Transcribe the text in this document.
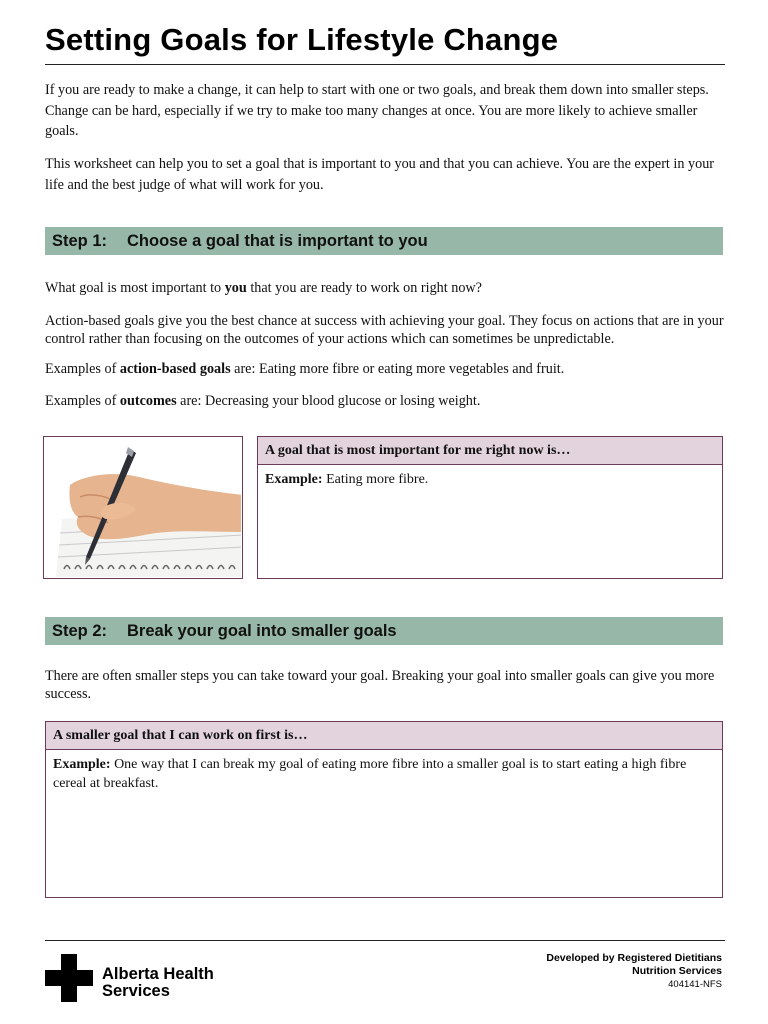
Setting Goals for Lifestyle Change

If you are ready to make a change, it can help to start with one or two goals, and break them down into smaller steps. Change can be hard, especially if we try to make too many changes at once. You are more likely to achieve smaller goals.

This worksheet can help you to set a goal that is important to you and that you can achieve. You are the expert in your life and the best judge of what will work for you.

Step 1: Choose a goal that is important to you

What goal is most important to you that you are ready to work on right now?

Action-based goals give you the best chance at success with achieving your goal. They focus on actions that are in your control rather than focusing on the outcomes of your actions which can sometimes be unpredictable.

Examples of action-based goals are: Eating more fibre or eating more vegetables and fruit.

Examples of outcomes are: Decreasing your blood glucose or losing weight.

A goal that is most important for me right now is…
Example: Eating more fibre.
Step 2: Break your goal into smaller goals

There are often smaller steps you can take toward your goal. Breaking your goal into smaller goals can give you more success.

A smaller goal that I can work on first is…
Example: One way that I can break my goal of eating more fibre into a smaller goal is to start eating a high fibre cereal at breakfast.
Alberta Health
Services
Developed by Registered Dietitians
Nutrition Services
404141-NFS
